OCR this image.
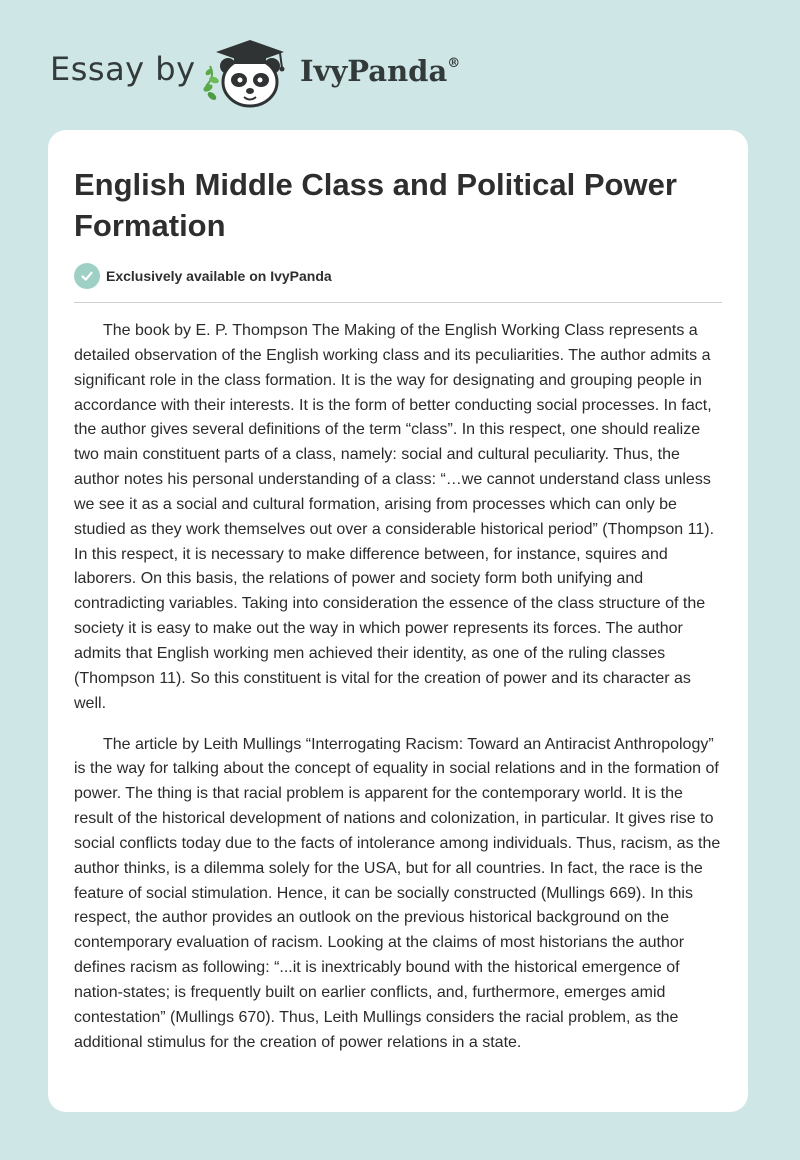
Essay by	IvyPanda®
English Middle Class and Political Power Formation
Exclusively available on IvyPanda

The book by E. P. Thompson The Making of the English Working Class represents a detailed observation of the English working class and its peculiarities. The author admits a significant role in the class formation. It is the way for designating and grouping people in accordance with their interests. It is the form of better conducting social processes. In fact, the author gives several definitions of the term “class”. In this respect, one should realize two main constituent parts of a class, namely: social and cultural peculiarity. Thus, the author notes his personal understanding of a class: “…we cannot understand class unless we see it as a social and cultural formation, arising from processes which can only be studied as they work themselves out over a considerable historical period” (Thompson 11). In this respect, it is necessary to make difference between, for instance, squires and laborers. On this basis, the relations of power and society form both unifying and contradicting variables. Taking into consideration the essence of the class structure of the society it is easy to make out the way in which power represents its forces. The author admits that English working men achieved their identity, as one of the ruling classes (Thompson 11). So this constituent is vital for the creation of power and its character as well.

The article by Leith Mullings “Interrogating Racism: Toward an Antiracist Anthropology” is the way for talking about the concept of equality in social relations and in the formation of power. The thing is that racial problem is apparent for the contemporary world. It is the result of the historical development of nations and colonization, in particular. It gives rise to social conflicts today due to the facts of intolerance among individuals. Thus, racism, as the author thinks, is a dilemma solely for the USA, but for all countries. In fact, the race is the feature of social stimulation. Hence, it can be socially constructed (Mullings 669). In this respect, the author provides an outlook on the previous historical background on the contemporary evaluation of racism. Looking at the claims of most historians the author defines racism as following: “...it is inextricably bound with the historical emergence of nation-states; is frequently built on earlier conflicts, and, furthermore, emerges amid contestation” (Mullings 670). Thus, Leith Mullings considers the racial problem, as the additional stimulus for the creation of power relations in a state.
